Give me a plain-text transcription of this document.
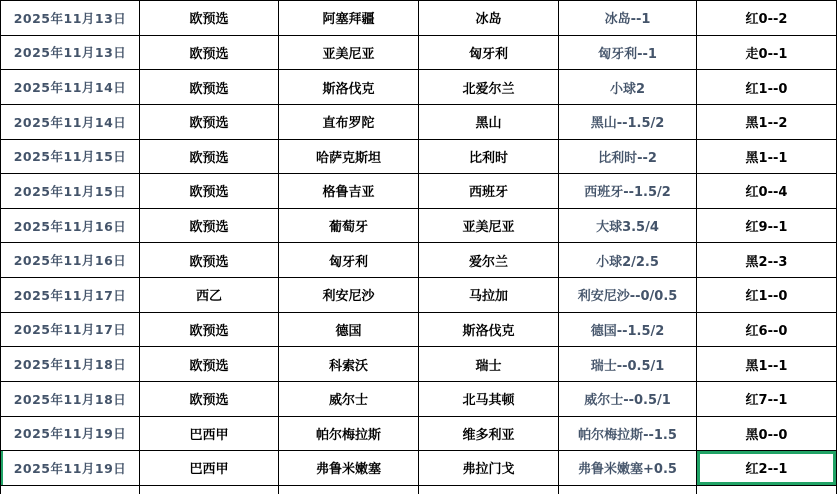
2025年11月13日	欧预选	阿塞拜疆	冰岛	冰岛--1	红0--2
2025年11月13日	欧预选	亚美尼亚	匈牙利	匈牙利--1	走0--1
2025年11月14日	欧预选	斯洛伐克	北爱尔兰	小球2	红1--0
2025年11月14日	欧预选	直布罗陀	黑山	黑山--1.5/2	黑1--2
2025年11月15日	欧预选	哈萨克斯坦	比利时	比利时--2	黑1--1
2025年11月15日	欧预选	格鲁吉亚	西班牙	西班牙--1.5/2	红0--4
2025年11月16日	欧预选	葡萄牙	亚美尼亚	大球3.5/4	红9--1
2025年11月16日	欧预选	匈牙利	爱尔兰	小球2/2.5	黑2--3
2025年11月17日	西乙	利安尼沙	马拉加	利安尼沙--0/0.5	红1--0
2025年11月17日	欧预选	德国	斯洛伐克	德国--1.5/2	红6--0
2025年11月18日	欧预选	科索沃	瑞士	瑞士--0.5/1	黑1--1
2025年11月18日	欧预选	威尔士	北马其顿	威尔士--0.5/1	红7--1
2025年11月19日	巴西甲	帕尔梅拉斯	维多利亚	帕尔梅拉斯--1.5	黑0--0
2025年11月19日	巴西甲	弗鲁米嫩塞	弗拉门戈	弗鲁米嫩塞+0.5	红2--1
